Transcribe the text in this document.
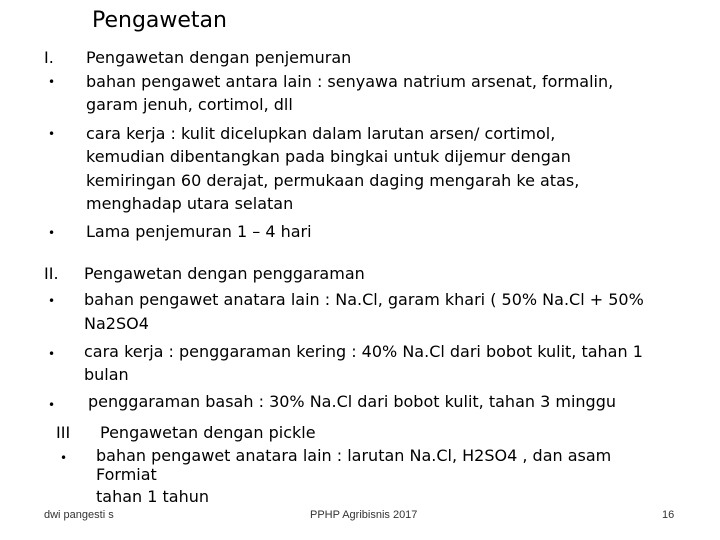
Pengawetan
I. Pengawetan dengan penjemuran
• bahan pengawet antara lain : senyawa natrium arsenat, formalin,
garam jenuh, cortimol, dll
• cara kerja : kulit dicelupkan dalam larutan arsen/ cortimol,
kemudian dibentangkan pada bingkai untuk dijemur dengan
kemiringan 60 derajat, permukaan daging mengarah ke atas,
menghadap utara selatan
• Lama penjemuran 1 – 4 hari
II. Pengawetan dengan penggaraman
• bahan pengawet anatara lain : Na.Cl, garam khari ( 50% Na.Cl + 50%
Na2SO4
• cara kerja : penggaraman kering : 40% Na.Cl dari bobot kulit, tahan 1
bulan
• penggaraman basah : 30% Na.Cl dari bobot kulit, tahan 3 minggu
III Pengawetan dengan pickle
• bahan pengawet anatara lain : larutan Na.Cl, H2SO4 , dan asam
Formiat
tahan 1 tahun
dwi pangesti s	PPHP Agribisnis 2017	16
